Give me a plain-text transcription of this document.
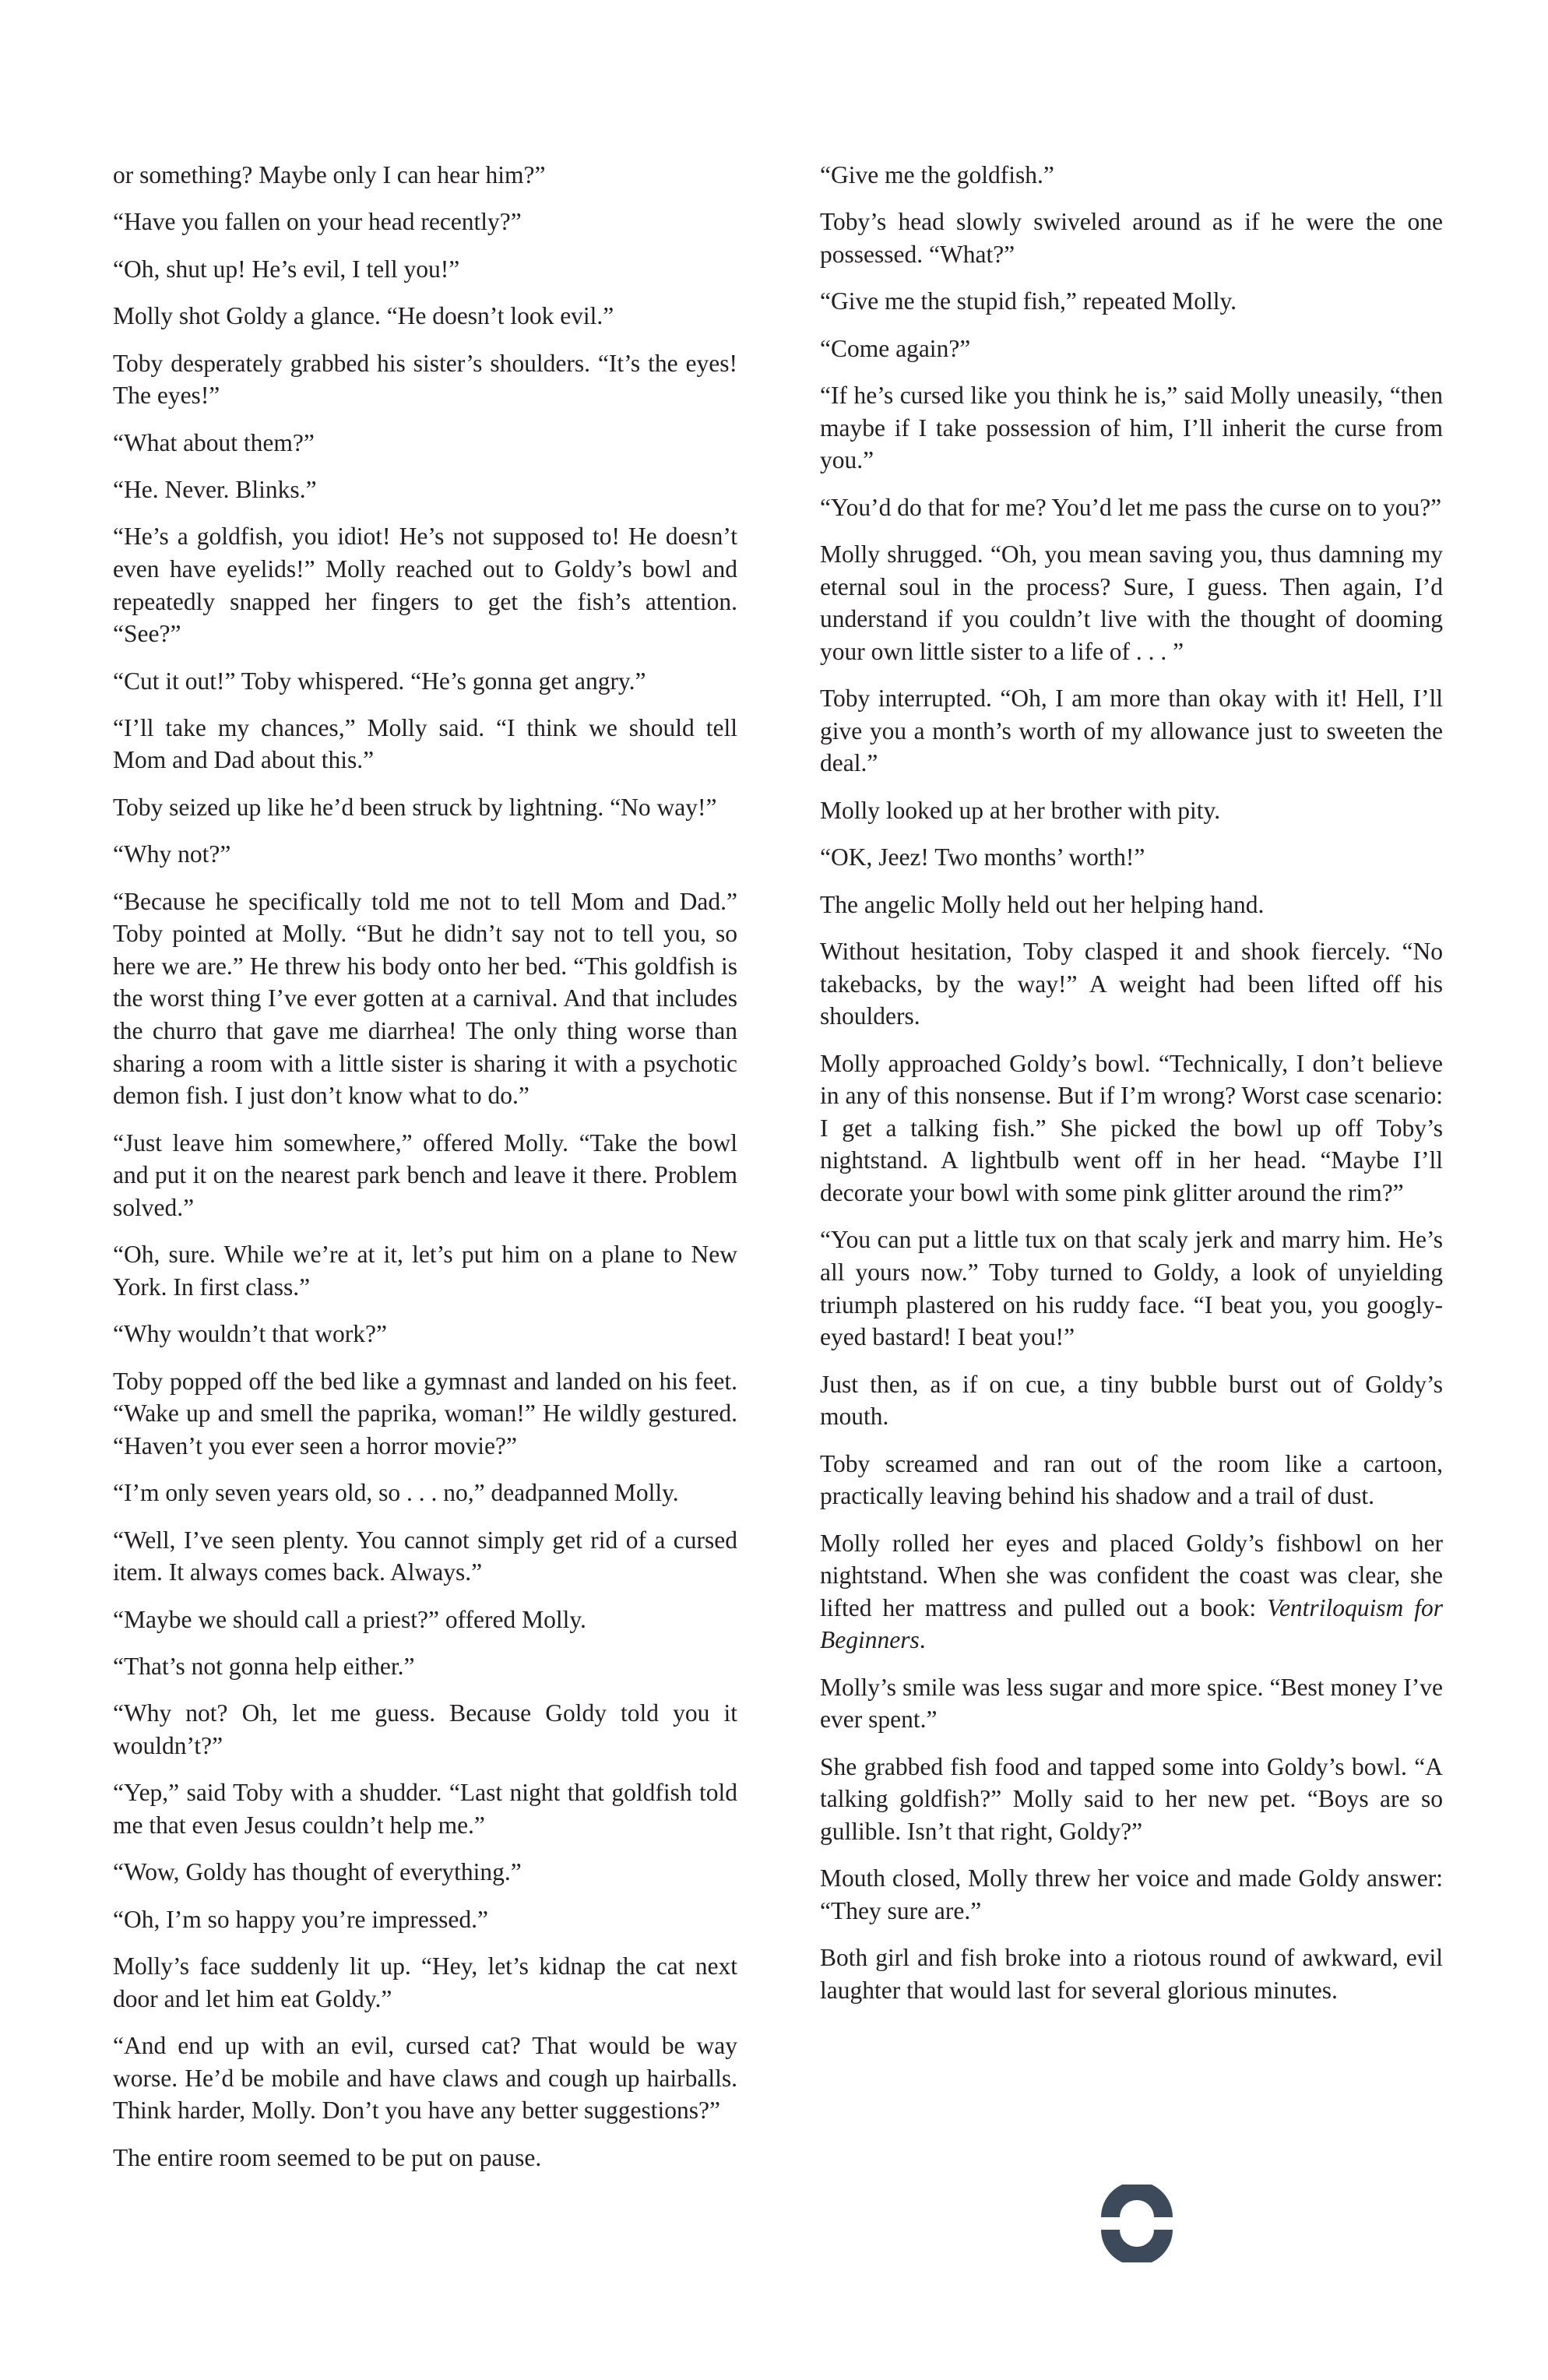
or something? Maybe only I can hear him?”

“Have you fallen on your head recently?”

“Oh, shut up! He’s evil, I tell you!”

Molly shot Goldy a glance. “He doesn’t look evil.”

Toby desperately grabbed his sister’s shoulders. “It’s the eyes! The eyes!”

“What about them?”

“He. Never. Blinks.”

“He’s a goldfish, you idiot! He’s not supposed to! He doesn’t even have eyelids!” Molly reached out to Goldy’s bowl and repeatedly snapped her fingers to get the fish’s attention. “See?”

“Cut it out!” Toby whispered. “He’s gonna get angry.”

“I’ll take my chances,” Molly said. “I think we should tell Mom and Dad about this.”

Toby seized up like he’d been struck by lightning. “No way!”

“Why not?”

“Because he specifically told me not to tell Mom and Dad.” Toby pointed at Molly. “But he didn’t say not to tell you, so here we are.” He threw his body onto her bed. “This goldfish is the worst thing I’ve ever gotten at a carnival. And that includes the churro that gave me diarrhea! The only thing worse than sharing a room with a little sister is sharing it with a psychotic demon fish. I just don’t know what to do.”

“Just leave him somewhere,” offered Molly. “Take the bowl and put it on the nearest park bench and leave it there. Problem solved.”

“Oh, sure. While we’re at it, let’s put him on a plane to New York. In first class.”

“Why wouldn’t that work?”

Toby popped off the bed like a gymnast and landed on his feet. “Wake up and smell the paprika, woman!” He wildly gestured. “Haven’t you ever seen a horror movie?”

“I’m only seven years old, so . . . no,” deadpanned Molly.

“Well, I’ve seen plenty. You cannot simply get rid of a cursed item. It always comes back. Always.”

“Maybe we should call a priest?” offered Molly.

“That’s not gonna help either.”

“Why not? Oh, let me guess. Because Goldy told you it wouldn’t?”

“Yep,” said Toby with a shudder. “Last night that goldfish told me that even Jesus couldn’t help me.”

“Wow, Goldy has thought of everything.”

“Oh, I’m so happy you’re impressed.”

Molly’s face suddenly lit up. “Hey, let’s kidnap the cat next door and let him eat Goldy.”

“And end up with an evil, cursed cat? That would be way worse. He’d be mobile and have claws and cough up hairballs. Think harder, Molly. Don’t you have any better suggestions?”

The entire room seemed to be put on pause.

“Give me the goldfish.”

Toby’s head slowly swiveled around as if he were the one possessed. “What?”

“Give me the stupid fish,” repeated Molly.

“Come again?”

“If he’s cursed like you think he is,” said Molly uneasily, “then maybe if I take possession of him, I’ll inherit the curse from you.”

“You’d do that for me? You’d let me pass the curse on to you?”

Molly shrugged. “Oh, you mean saving you, thus damning my eternal soul in the process? Sure, I guess. Then again, I’d understand if you couldn’t live with the thought of dooming your own little sister to a life of . . . ”

Toby interrupted. “Oh, I am more than okay with it! Hell, I’ll give you a month’s worth of my allowance just to sweeten the deal.”

Molly looked up at her brother with pity.

“OK, Jeez! Two months’ worth!”

The angelic Molly held out her helping hand.

Without hesitation, Toby clasped it and shook fiercely. “No takebacks, by the way!” A weight had been lifted off his shoulders.

Molly approached Goldy’s bowl. “Technically, I don’t believe in any of this nonsense. But if I’m wrong? Worst case scenario: I get a talking fish.” She picked the bowl up off Toby’s nightstand. A lightbulb went off in her head. “Maybe I’ll decorate your bowl with some pink glitter around the rim?”

“You can put a little tux on that scaly jerk and marry him. He’s all yours now.” Toby turned to Goldy, a look of unyielding triumph plastered on his ruddy face. “I beat you, you googly-eyed bastard! I beat you!”

Just then, as if on cue, a tiny bubble burst out of Goldy’s mouth.

Toby screamed and ran out of the room like a cartoon, practically leaving behind his shadow and a trail of dust.

Molly rolled her eyes and placed Goldy’s fishbowl on her nightstand. When she was confident the coast was clear, she lifted her mattress and pulled out a book: Ventriloquism for Beginners.

Molly’s smile was less sugar and more spice. “Best money I’ve ever spent.”

She grabbed fish food and tapped some into Goldy’s bowl. “A talking goldfish?” Molly said to her new pet. “Boys are so gullible. Isn’t that right, Goldy?”

Mouth closed, Molly threw her voice and made Goldy answer: “They sure are.”

Both girl and fish broke into a riotous round of awkward, evil laughter that would last for several glorious minutes.
